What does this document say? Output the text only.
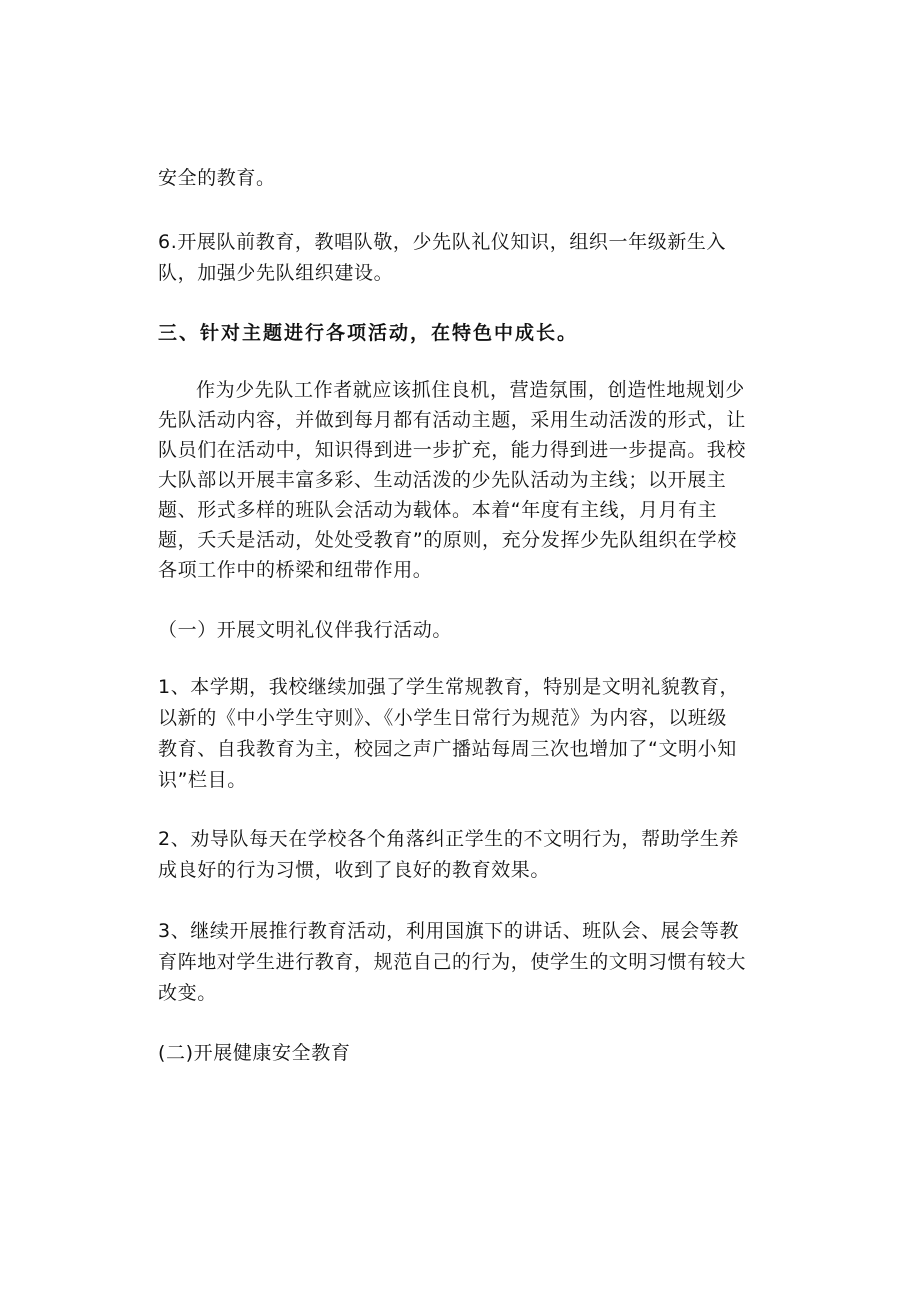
安全的教育。
6.开展队前教育，教唱队敬，少先队礼仪知识，组织一年级新生入
队，加强少先队组织建设。
三、针对主题进行各项活动，在特色中成长。
作为少先队工作者就应该抓住良机，营造氛围，创造性地规划少
先队活动内容，并做到每月都有活动主题，采用生动活泼的形式，让
队员们在活动中，知识得到进一步扩充，能力得到进一步提高。我校
大队部以开展丰富多彩、生动活泼的少先队活动为主线；以开展主
题、形式多样的班队会活动为载体。本着“年度有主线，月月有主
题，夭夭是活动，处处受教育”的原则，充分发挥少先队组织在学校
各项工作中的桥梁和纽带作用。
（一）开展文明礼仪伴我行活动。
1、本学期，我校继续加强了学生常规教育，特别是文明礼貌教育，
以新的《中小学生守则》、《小学生日常行为规范》为内容，以班级
教育、自我教育为主，校园之声广播站每周三次也增加了“文明小知
识”栏目。
2、劝导队每天在学校各个角落纠正学生的不文明行为，帮助学生养
成良好的行为习惯，收到了良好的教育效果。
3、继续开展推行教育活动，利用国旗下的讲话、班队会、展会等教
育阵地对学生进行教育，规范自己的行为，使学生的文明习惯有较大
改变。
(二)开展健康安全教育
